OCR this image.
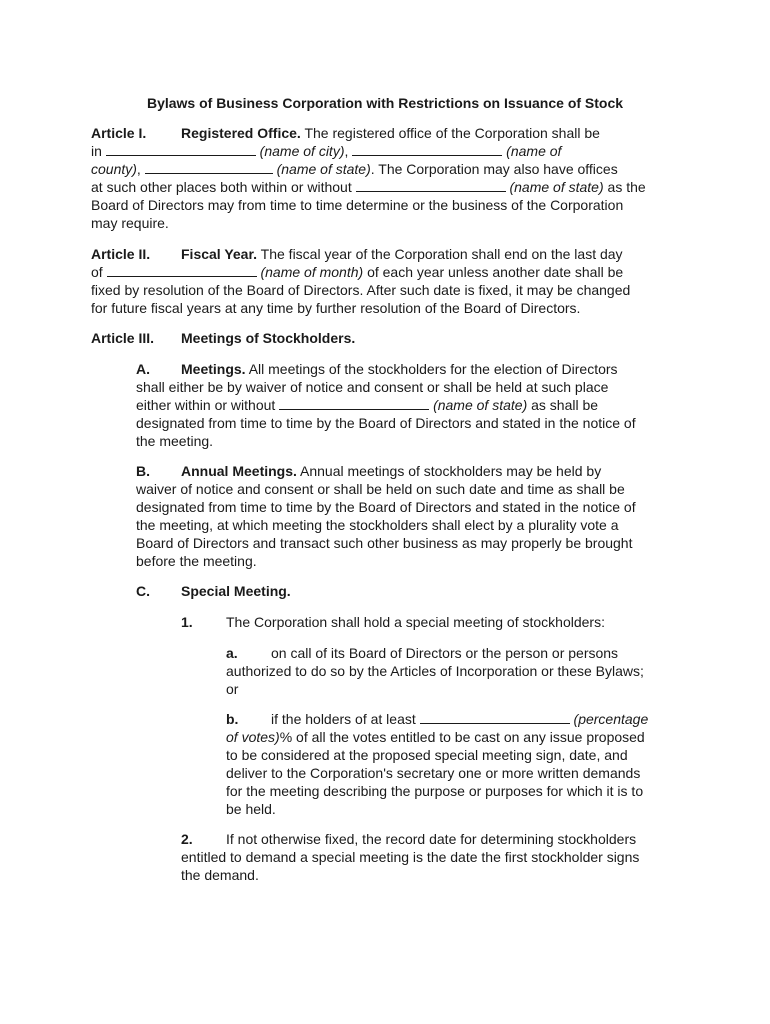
Bylaws of Business Corporation with Restrictions on Issuance of Stock

Article I. Registered Office. The registered office of the Corporation shall be

in	(name of city),	(name of

county),	(name of state). The Corporation may also have offices

at such other places both within or without	(name of state) as the

Board of Directors may from time to time determine or the business of the Corporation

may require.

Article II. Fiscal Year. The fiscal year of the Corporation shall end on the last day

of	(name of month) of each year unless another date shall be

fixed by resolution of the Board of Directors. After such date is fixed, it may be changed

for future fiscal years at any time by further resolution of the Board of Directors.

Article III. Meetings of Stockholders.

A. Meetings. All meetings of the stockholders for the election of Directors

shall either be by waiver of notice and consent or shall be held at such place

either within or without	(name of state) as shall be

designated from time to time by the Board of Directors and stated in the notice of

the meeting.

B. Annual Meetings. Annual meetings of stockholders may be held by

waiver of notice and consent or shall be held on such date and time as shall be

designated from time to time by the Board of Directors and stated in the notice of

the meeting, at which meeting the stockholders shall elect by a plurality vote a

Board of Directors and transact such other business as may properly be brought

before the meeting.

C. Special Meeting.

1. The Corporation shall hold a special meeting of stockholders:

a. on call of its Board of Directors or the person or persons

authorized to do so by the Articles of Incorporation or these Bylaws;

or

b. if the holders of at least	(percentage

of votes)% of all the votes entitled to be cast on any issue proposed

to be considered at the proposed special meeting sign, date, and

deliver to the Corporation's secretary one or more written demands

for the meeting describing the purpose or purposes for which it is to

be held.

2. If not otherwise fixed, the record date for determining stockholders

entitled to demand a special meeting is the date the first stockholder signs

the demand.
